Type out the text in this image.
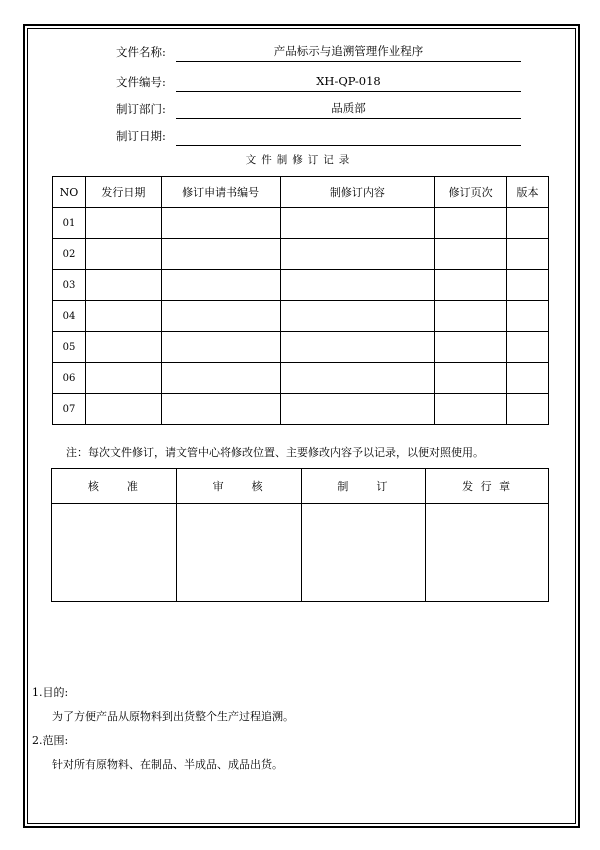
文件名称:	产品标示与追溯管理作业程序
文件编号:	XH-QP-018
制订部门:	品质部
制订日期:
文件制修订记录
NO	发行日期	修订申请书编号	制修订内容	修订页次	版本
01					
02					
03					
04					
05					
06					
07					
注：每次文件修订，请文管中心将修改位置、主要修改内容予以记录，以便对照使用。
核　　准	审　　核	制　　订	发 行 章

1.目的:
为了方便产品从原物料到出货整个生产过程追溯。
2.范围:
针对所有原物料、在制品、半成品、成品出货。
